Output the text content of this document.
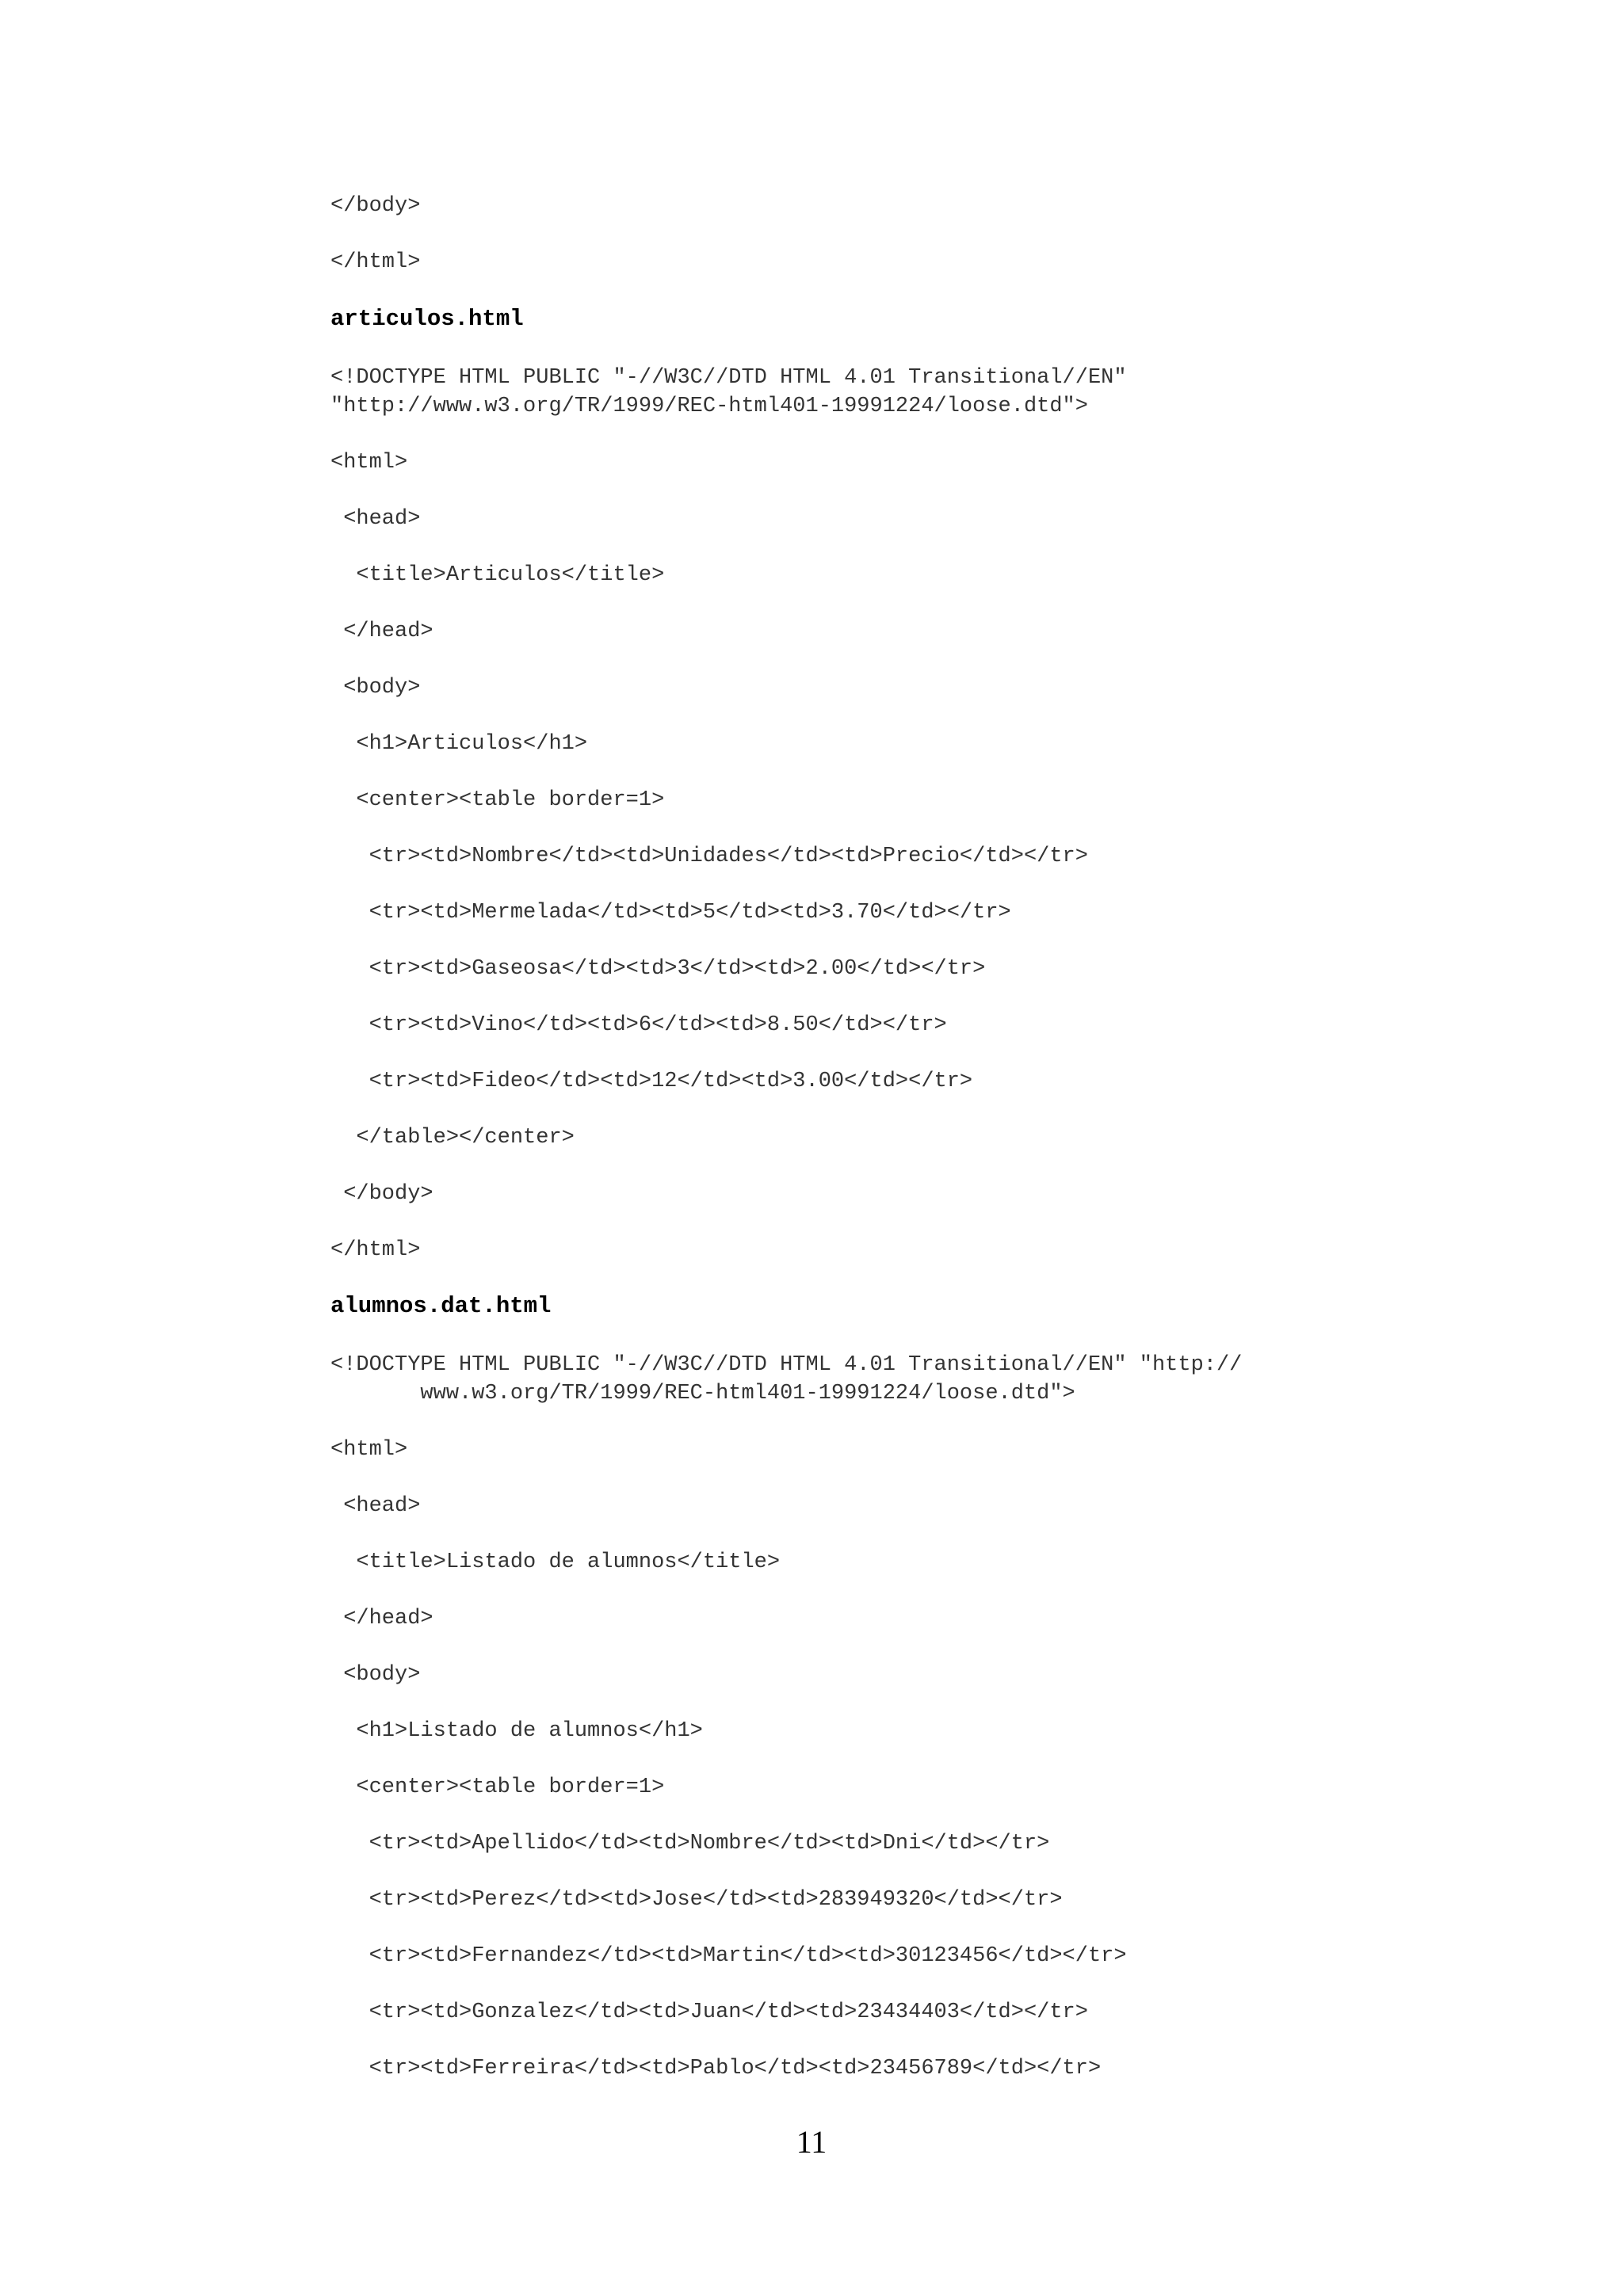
</body>

</html>

articulos.html

<!DOCTYPE HTML PUBLIC "-//W3C//DTD HTML 4.01 Transitional//EN"

"http://www.w3.org/TR/1999/REC-html401-19991224/loose.dtd">

<html>

<head>

<title>Articulos</title>

</head>

<body>

<h1>Articulos</h1>

<center><table border=1>

<tr><td>Nombre</td><td>Unidades</td><td>Precio</td></tr>

<tr><td>Mermelada</td><td>5</td><td>3.70</td></tr>

<tr><td>Gaseosa</td><td>3</td><td>2.00</td></tr>

<tr><td>Vino</td><td>6</td><td>8.50</td></tr>

<tr><td>Fideo</td><td>12</td><td>3.00</td></tr>

</table></center>

</body>

</html>

alumnos.dat.html

<!DOCTYPE HTML PUBLIC "-//W3C//DTD HTML 4.01 Transitional//EN" "http://

www.w3.org/TR/1999/REC-html401-19991224/loose.dtd">

<html>

<head>

<title>Listado de alumnos</title>

</head>

<body>

<h1>Listado de alumnos</h1>

<center><table border=1>

<tr><td>Apellido</td><td>Nombre</td><td>Dni</td></tr>

<tr><td>Perez</td><td>Jose</td><td>283949320</td></tr>

<tr><td>Fernandez</td><td>Martin</td><td>30123456</td></tr>

<tr><td>Gonzalez</td><td>Juan</td><td>23434403</td></tr>

<tr><td>Ferreira</td><td>Pablo</td><td>23456789</td></tr>

11
